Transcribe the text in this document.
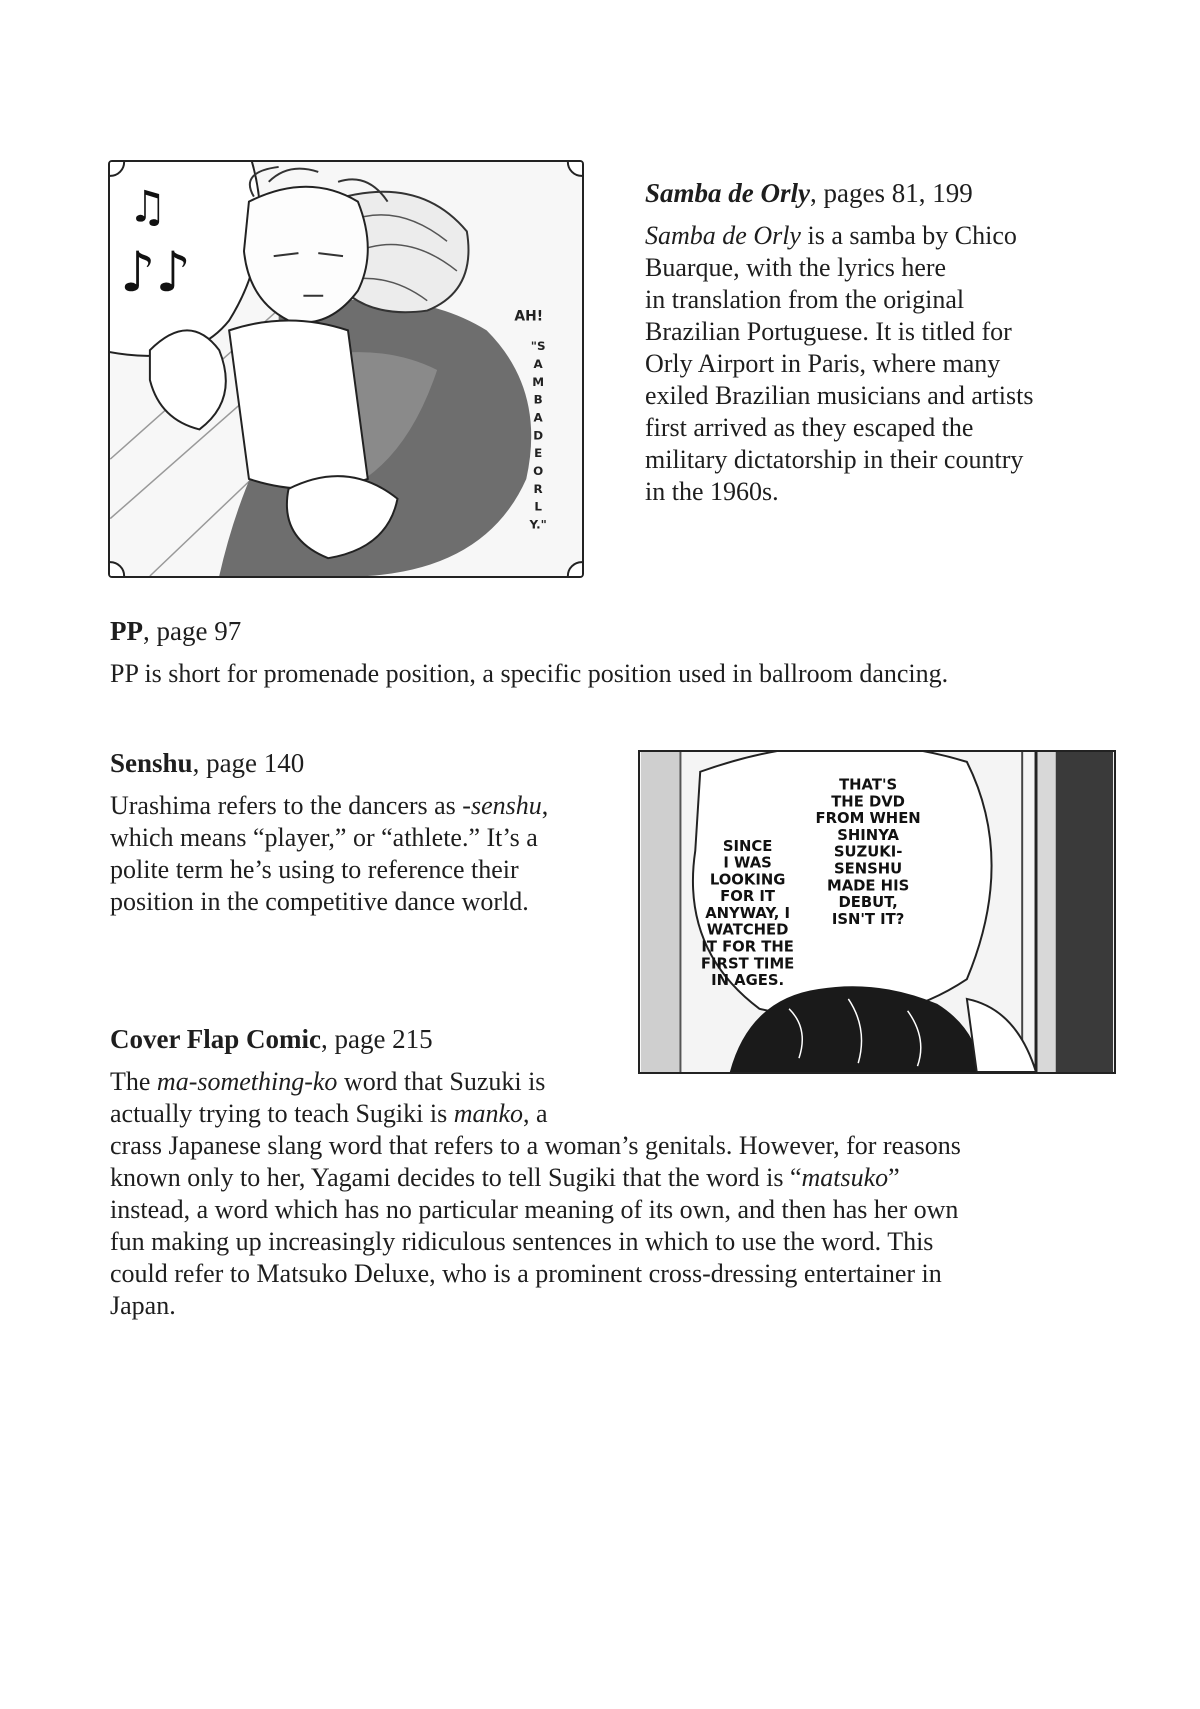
♫
♪♪
AH!
"S
A
M
B
A
D
E
O
R
L
Y."

Samba de Orly, pages 81, 199

Samba de Orly is a samba by Chico
Buarque, with the lyrics here
in translation from the original
Brazilian Portuguese. It is titled for
Orly Airport in Paris, where many
exiled Brazilian musicians and artists
first arrived as they escaped the
military dictatorship in their country
in the 1960s.

PP, page 97

PP is short for promenade position, a specific position used in ballroom dancing.

Senshu, page 140

Urashima refers to the dancers as -senshu,
which means “player,” or “athlete.” It’s a
polite term he’s using to reference their
position in the competitive dance world.

SINCE
I WAS
LOOKING
FOR IT
ANYWAY, I
WATCHED
IT FOR THE
FIRST TIME
IN AGES.
THAT'S
THE DVD
FROM WHEN
SHINYA
SUZUKI-
SENSHU
MADE HIS
DEBUT,
ISN'T IT?

Cover Flap Comic, page 215

The ma-something-ko word that Suzuki is
actually trying to teach Sugiki is manko, a
crass Japanese slang word that refers to a woman’s genitals. However, for reasons
known only to her, Yagami decides to tell Sugiki that the word is “matsuko”
instead, a word which has no particular meaning of its own, and then has her own
fun making up increasingly ridiculous sentences in which to use the word. This
could refer to Matsuko Deluxe, who is a prominent cross-dressing entertainer in
Japan.
